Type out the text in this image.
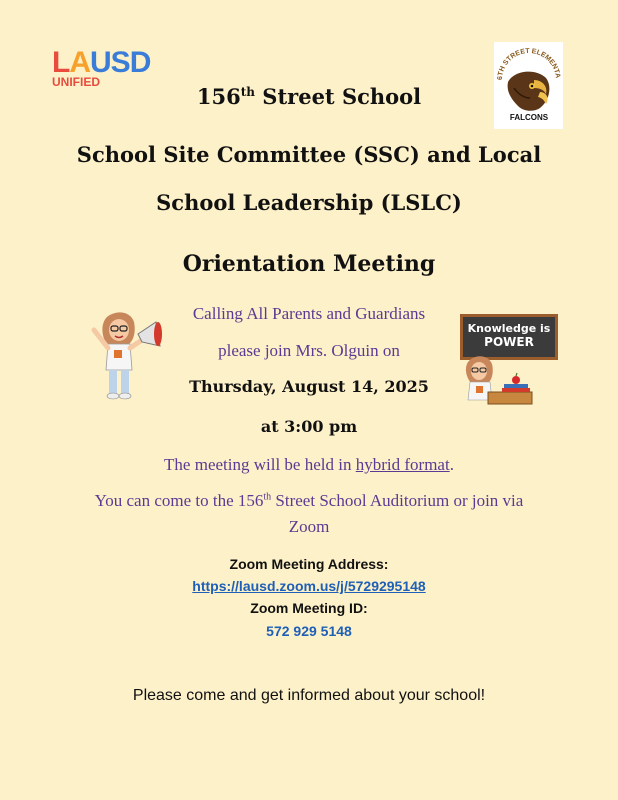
LAUSD
UNIFIED	6TH STREET ELEMENTA
FALCONS
156th Street School
School Site Committee (SSC) and Local
School Leadership (LSLC)
Orientation Meeting
Knowledge is
POWER
Calling All Parents and Guardians
please join Mrs. Olguin on
Thursday, August 14, 2025
at 3:00 pm
The meeting will be held in hybrid format.
You can come to the 156th Street School Auditorium or join via
Zoom
Zoom Meeting Address:
https://lausd.zoom.us/j/5729295148
Zoom Meeting ID:
572 929 5148
Please come and get informed about your school!
